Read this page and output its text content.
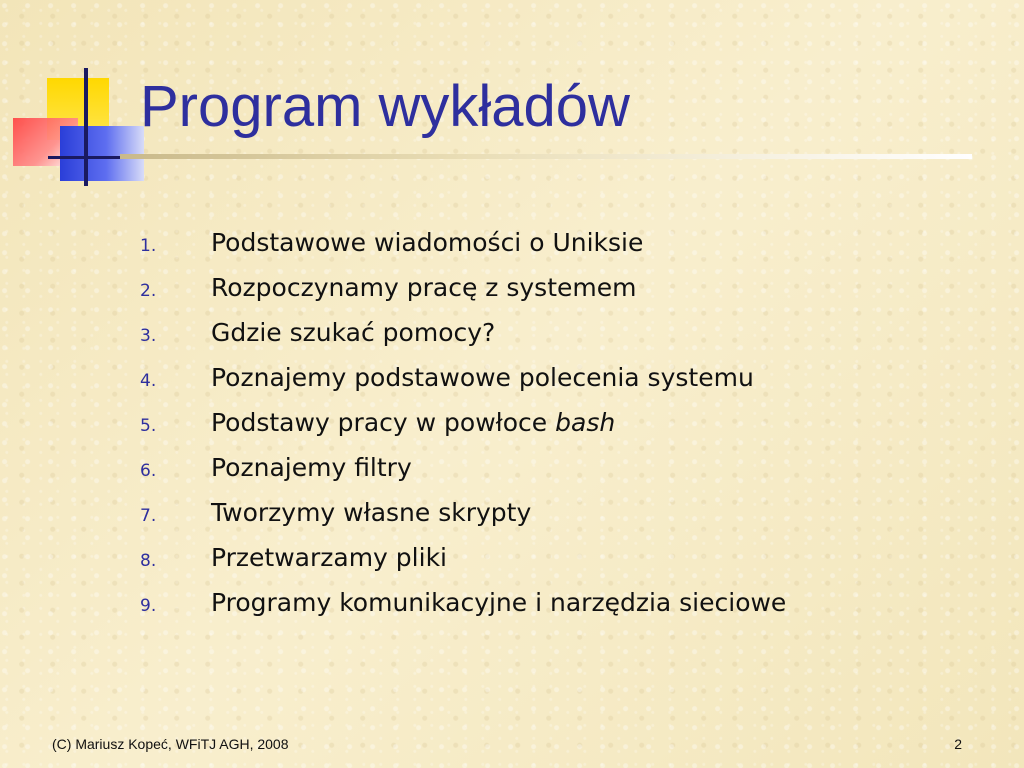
Program wykładów
1.	Podstawowe wiadomości o Uniksie
2.	Rozpoczynamy pracę z systemem
3.	Gdzie szukać pomocy?
4.	Poznajemy podstawowe polecenia systemu
5.	Podstawy pracy w powłoce bash
6.	Poznajemy filtry
7.	Tworzymy własne skrypty
8.	Przetwarzamy pliki
9.	Programy komunikacyjne i narzędzia sieciowe
(C) Mariusz Kopeć, WFiTJ AGH, 2008	2
